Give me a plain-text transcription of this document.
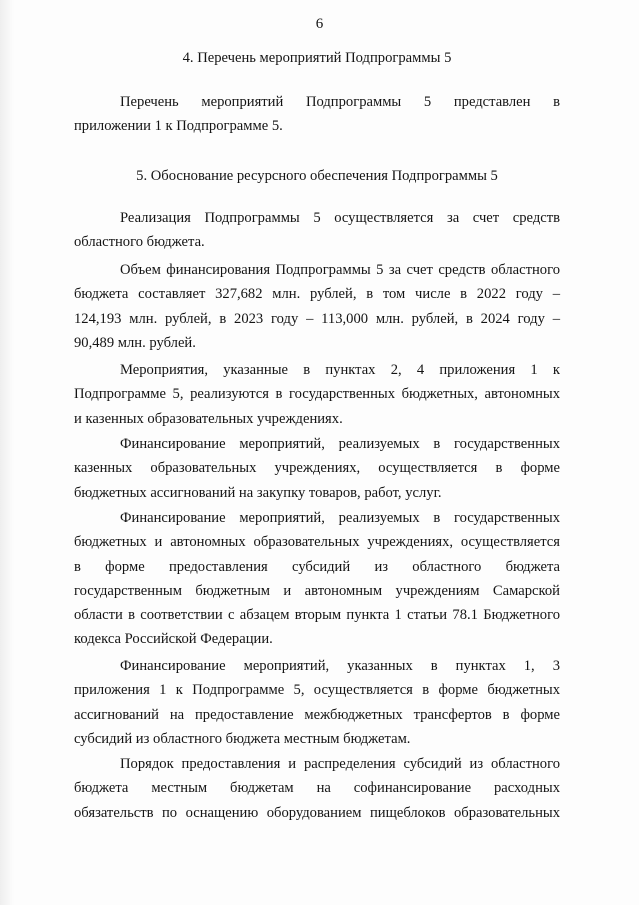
6
4. Перечень мероприятий Подпрограммы 5
Перечень мероприятий Подпрограммы 5 представлен в
приложении 1 к Подпрограмме 5.
5. Обоснование ресурсного обеспечения Подпрограммы 5
Реализация Подпрограммы 5 осуществляется за счет средств
областного бюджета.
Объем финансирования Подпрограммы 5 за счет средств областного
бюджета составляет 327,682 млн. рублей, в том числе в 2022 году –
124,193 млн. рублей, в 2023 году – 113,000 млн. рублей, в 2024 году –
90,489 млн. рублей.
Мероприятия, указанные в пунктах 2, 4 приложения 1 к
Подпрограмме 5, реализуются в государственных бюджетных, автономных
и казенных образовательных учреждениях.
Финансирование мероприятий, реализуемых в государственных
казенных образовательных учреждениях, осуществляется в форме
бюджетных ассигнований на закупку товаров, работ, услуг.
Финансирование мероприятий, реализуемых в государственных
бюджетных и автономных образовательных учреждениях, осуществляется
в форме предоставления субсидий из областного бюджета
государственным бюджетным и автономным учреждениям Самарской
области в соответствии с абзацем вторым пункта 1 статьи 78.1 Бюджетного
кодекса Российской Федерации.
Финансирование мероприятий, указанных в пунктах 1, 3
приложения 1 к Подпрограмме 5, осуществляется в форме бюджетных
ассигнований на предоставление межбюджетных трансфертов в форме
субсидий из областного бюджета местным бюджетам.
Порядок предоставления и распределения субсидий из областного
бюджета местным бюджетам на софинансирование расходных
обязательств по оснащению оборудованием пищеблоков образовательных
